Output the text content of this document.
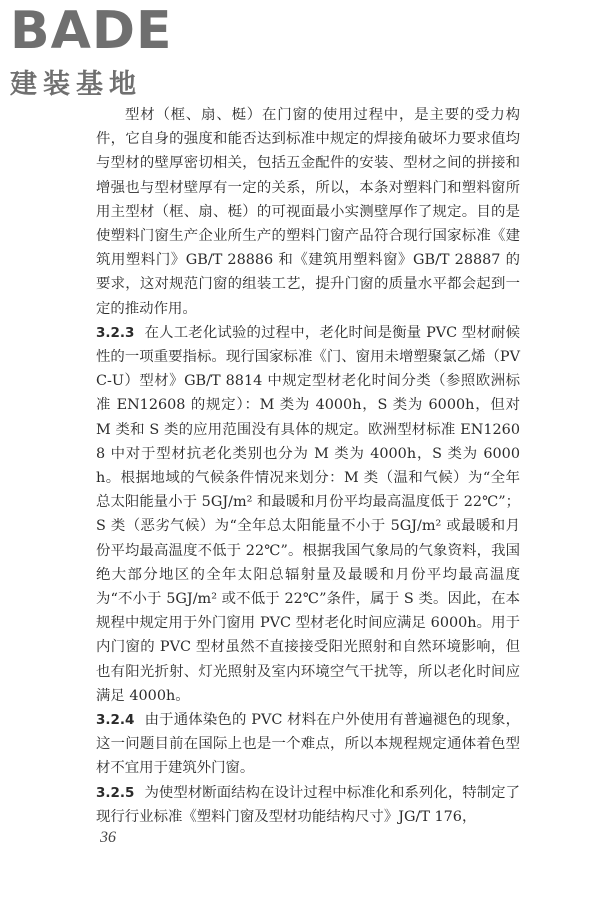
BADE
建装基地

型材（框、扇、梃）在门窗的使用过程中，是主要的受力构件，它自身的强度和能否达到标准中规定的焊接角破坏力要求值均与型材的壁厚密切相关，包括五金配件的安装、型材之间的拼接和增强也与型材壁厚有一定的关系，所以，本条对塑料门和塑料窗所用主型材（框、扇、梃）的可视面最小实测壁厚作了规定。目的是使塑料门窗生产企业所生产的塑料门窗产品符合现行国家标准《建筑用塑料门》GB/T 28886 和《建筑用塑料窗》GB/T 28887 的要求，这对规范门窗的组装工艺，提升门窗的质量水平都会起到一定的推动作用。

3.2.3 在人工老化试验的过程中，老化时间是衡量 PVC 型材耐候性的一项重要指标。现行国家标准《门、窗用未增塑聚氯乙烯（PVC-U）型材》GB/T 8814 中规定型材老化时间分类（参照欧洲标准 EN12608 的规定）：M 类为 4000h，S 类为 6000h，但对 M 类和 S 类的应用范围没有具体的规定。欧洲型材标准 EN12608 中对于型材抗老化类别也分为 M 类为 4000h，S 类为 6000h。根据地域的气候条件情况来划分：M 类（温和气候）为“全年总太阳能量小于 5GJ/m² 和最暖和月份平均最高温度低于 22℃”；S 类（恶劣气候）为“全年总太阳能量不小于 5GJ/m² 或最暖和月份平均最高温度不低于 22℃”。根据我国气象局的气象资料，我国绝大部分地区的全年太阳总辐射量及最暖和月份平均最高温度为“不小于 5GJ/m² 或不低于 22℃”条件，属于 S 类。因此，在本规程中规定用于外门窗用 PVC 型材老化时间应满足 6000h。用于内门窗的 PVC 型材虽然不直接接受阳光照射和自然环境影响，但也有阳光折射、灯光照射及室内环境空气干扰等，所以老化时间应满足 4000h。

3.2.4 由于通体染色的 PVC 材料在户外使用有普遍褪色的现象，这一问题目前在国际上也是一个难点，所以本规程规定通体着色型材不宜用于建筑外门窗。

3.2.5 为使型材断面结构在设计过程中标准化和系列化，特制定了现行行业标准《塑料门窗及型材功能结构尺寸》JG/T 176，

36
